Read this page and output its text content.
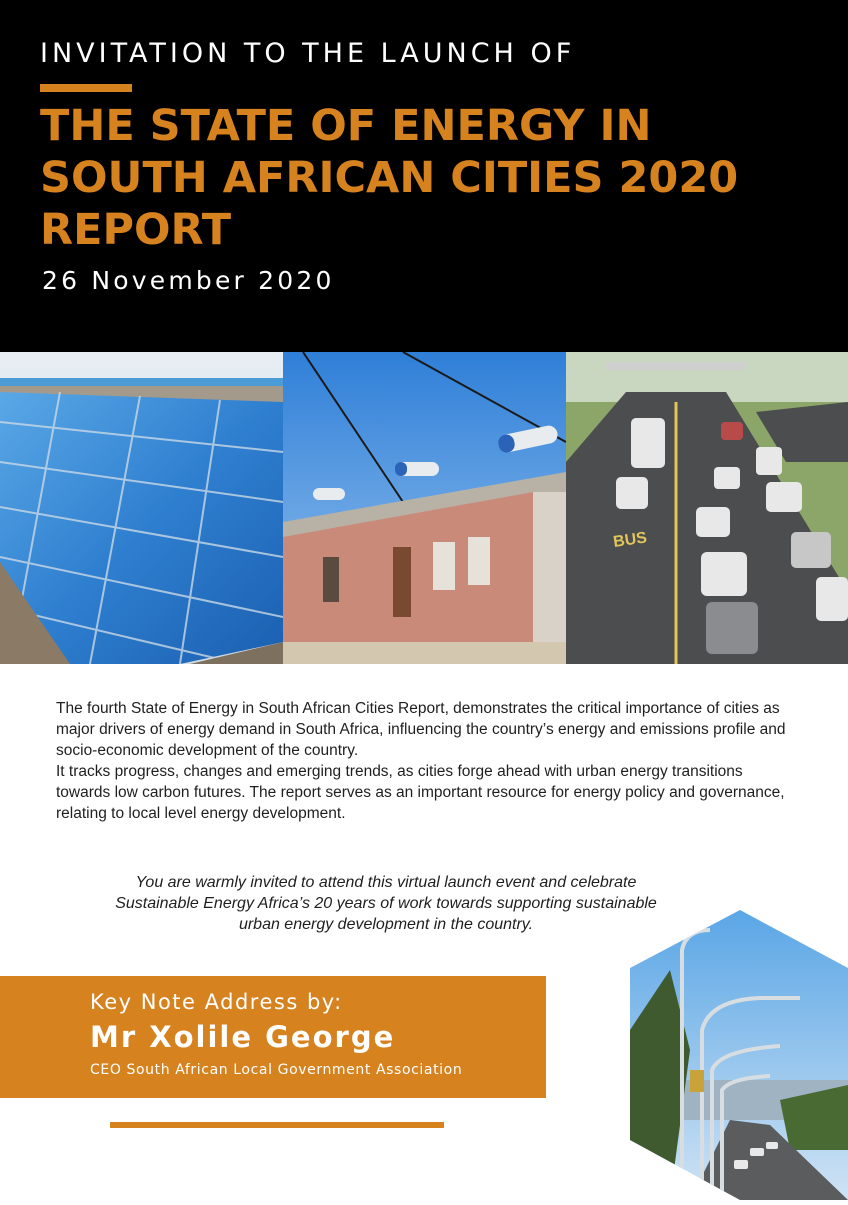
INVITATION TO THE LAUNCH OF
THE STATE OF ENERGY IN
SOUTH AFRICAN CITIES 2020
REPORT
26 November 2020
BUS

The fourth State of Energy in South African Cities Report, demonstrates the critical importance of cities as major drivers of energy demand in South Africa, influencing the country’s energy and emissions profile and socio-economic development of the country.

It tracks progress, changes and emerging trends, as cities forge ahead with urban energy transitions towards low carbon futures. The report serves as an important resource for energy policy and governance, relating to local level energy development.

You are warmly invited to attend this virtual launch event and celebrate
Sustainable Energy Africa’s 20 years of work towards supporting sustainable
urban energy development in the country.
Key Note Address by:
Mr Xolile George
CEO South African Local Government Association
